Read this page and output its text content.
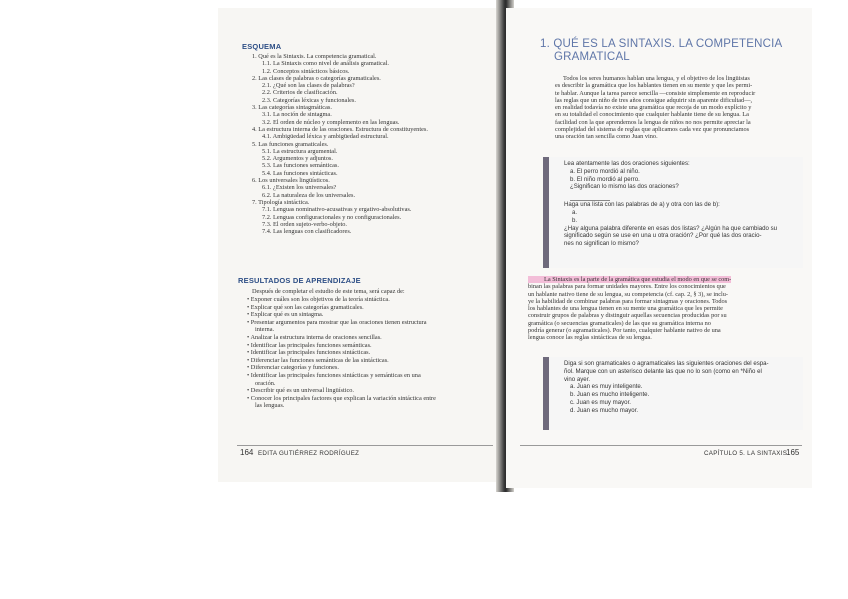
ESQUEMA
1. Qué es la Sintaxis. La competencia gramatical.
1.1. La Sintaxis como nivel de análisis gramatical.
1.2. Conceptos sintácticos básicos.
2. Las clases de palabras o categorías gramaticales.
2.1. ¿Qué son las clases de palabras?
2.2. Criterios de clasificación.
2.3. Categorías léxicas y funcionales.
3. Las categorías sintagmáticas.
3.1. La noción de sintagma.
3.2. El orden de núcleo y complemento en las lenguas.
4. La estructura interna de las oraciones. Estructura de constituyentes.
4.1. Ambigüedad léxica y ambigüedad estructural.
5. Las funciones gramaticales.
5.1. La estructura argumental.
5.2. Argumentos y adjuntos.
5.3. Las funciones semánticas.
5.4. Las funciones sintácticas.
6. Los universales lingüísticos.
6.1. ¿Existen los universales?
6.2. La naturaleza de los universales.
7. Tipología sintáctica.
7.1. Lenguas nominativo-acusativas y ergativo-absolutivas.
7.2. Lenguas configuracionales y no configuracionales.
7.3. El orden sujeto-verbo-objeto.
7.4. Las lenguas con clasificadores.
RESULTADOS DE APRENDIZAJE
Después de completar el estudio de este tema, será capaz de:
• Exponer cuáles son los objetivos de la teoría sintáctica.
• Explicar qué son las categorías gramaticales.
• Explicar qué es un sintagma.
• Presentar argumentos para mostrar que las oraciones tienen estructura
interna.
• Analizar la estructura interna de oraciones sencillas.
• Identificar las principales funciones semánticas.
• Identificar las principales funciones sintácticas.
• Diferenciar las funciones semánticas de las sintácticas.
• Diferenciar categorías y funciones.
• Identificar las principales funciones sintácticas y semánticas en una
oración.
• Describir qué es un universal lingüístico.
• Conocer los principales factores que explican la variación sintáctica entre
las lenguas.
164 EDITA GUTIÉRREZ RODRÍGUEZ
1. QUÉ ES LA SINTAXIS. LA COMPETENCIA
GRAMATICAL
Todos los seres humanos hablan una lengua, y el objetivo de los lingüistas
es describir la gramática que los hablantes tienen en su mente y que les permi-
te hablar. Aunque la tarea parece sencilla —consiste simplemente en reproducir
las reglas que un niño de tres años consigue adquirir sin aparente dificultad—,
en realidad todavía no existe una gramática que recoja de un modo explícito y
en su totalidad el conocimiento que cualquier hablante tiene de su lengua. La
facilidad con la que aprendemos la lengua de niños no nos permite apreciar la
complejidad del sistema de reglas que aplicamos cada vez que pronunciamos
una oración tan sencilla como Juan vino.
Lea atentamente las dos oraciones siguientes:
a. El perro mordió al niño.
b. El niño mordió al perro.
¿Significan lo mismo las dos oraciones?
Haga una lista con las palabras de a) y otra con las de b):
a.
b.
¿Hay alguna palabra diferente en esas dos listas? ¿Algún ha que cambiado su
significado según se use en una u otra oración? ¿Por qué las dos oracio-
nes no significan lo mismo?
La Sintaxis es la parte de la gramática que estudia el modo en que se com-
binan las palabras para formar unidades mayores. Entre los conocimientos que
un hablante nativo tiene de su lengua, su competencia (cf. cap. 2, § 3), se inclu-
ye la habilidad de combinar palabras para formar sintagmas y oraciones. Todos
los hablantes de una lengua tienen en su mente una gramática que les permite
construir grupos de palabras y distinguir aquellas secuencias producidas por su
gramática (o secuencias gramaticales) de las que su gramática interna no
podría generar (o agramaticales). Por tanto, cualquier hablante nativo de una
lengua conoce las reglas sintácticas de su lengua.
Diga si son gramaticales o agramaticales las siguientes oraciones del espa-
ñol. Marque con un asterisco delante las que no lo son (como en *Niño el
vino ayer.
a. Juan es muy inteligente.
b. Juan es mucho inteligente.
c. Juan es muy mayor.
d. Juan es mucho mayor.
CAPÍTULO 5. LA SINTAXIS
165
